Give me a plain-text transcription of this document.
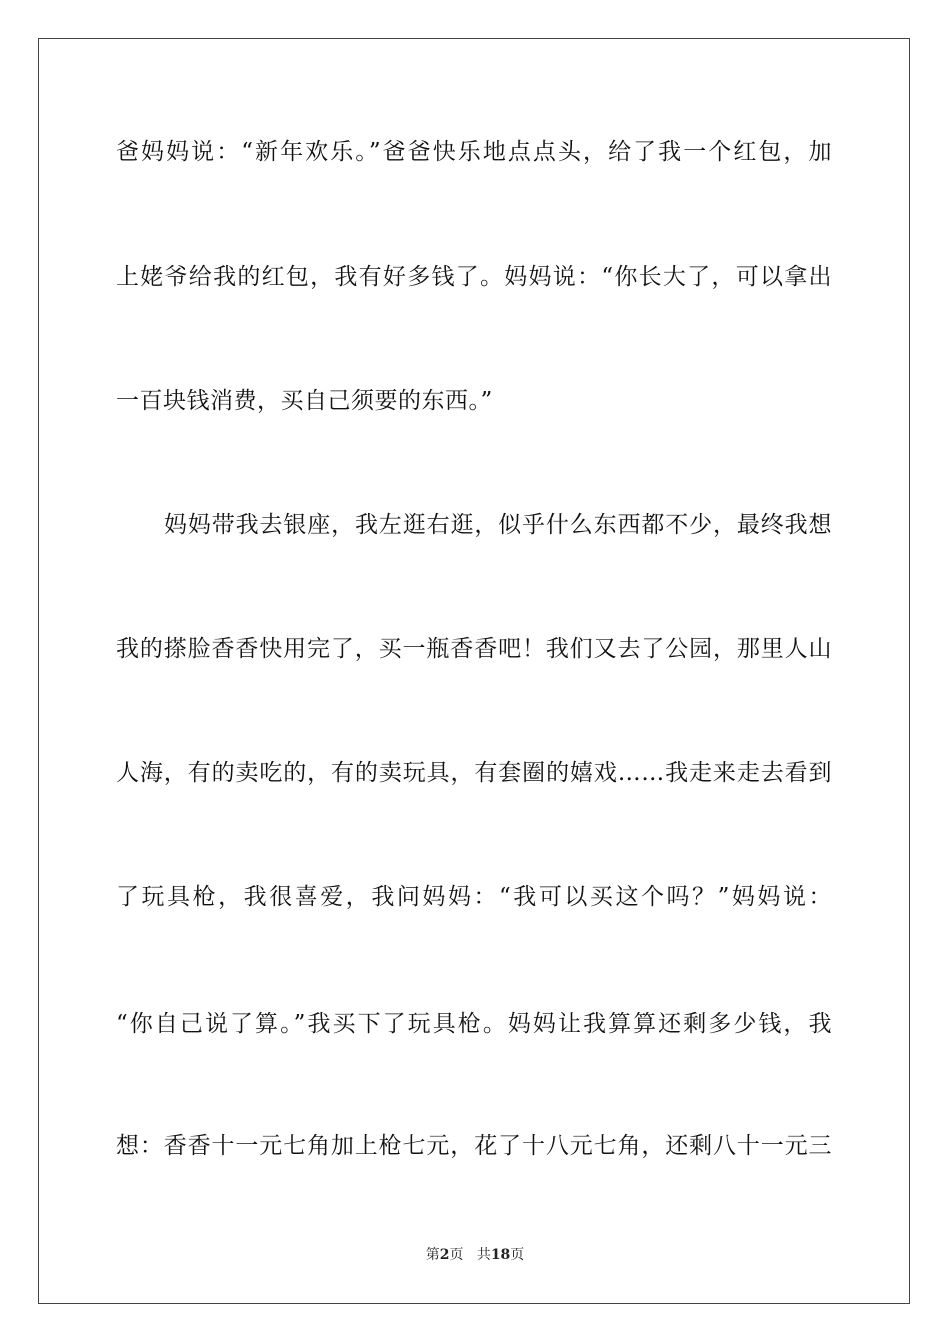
爸妈妈说：“新年欢乐。”爸爸快乐地点点头，给了我一个红包，加
上姥爷给我的红包，我有好多钱了。妈妈说：“你长大了，可以拿出
一百块钱消费，买自己须要的东西。”
妈妈带我去银座，我左逛右逛，似乎什么东西都不少，最终我想
我的搽脸香香快用完了，买一瓶香香吧！我们又去了公园，那里人山
人海，有的卖吃的，有的卖玩具，有套圈的嬉戏……我走来走去看到
了玩具枪，我很喜爱，我问妈妈：“我可以买这个吗？”妈妈说：
“你自己说了算。”我买下了玩具枪。妈妈让我算算还剩多少钱，我
想：香香十一元七角加上枪七元，花了十八元七角，还剩八十一元三
第2页 共18页
